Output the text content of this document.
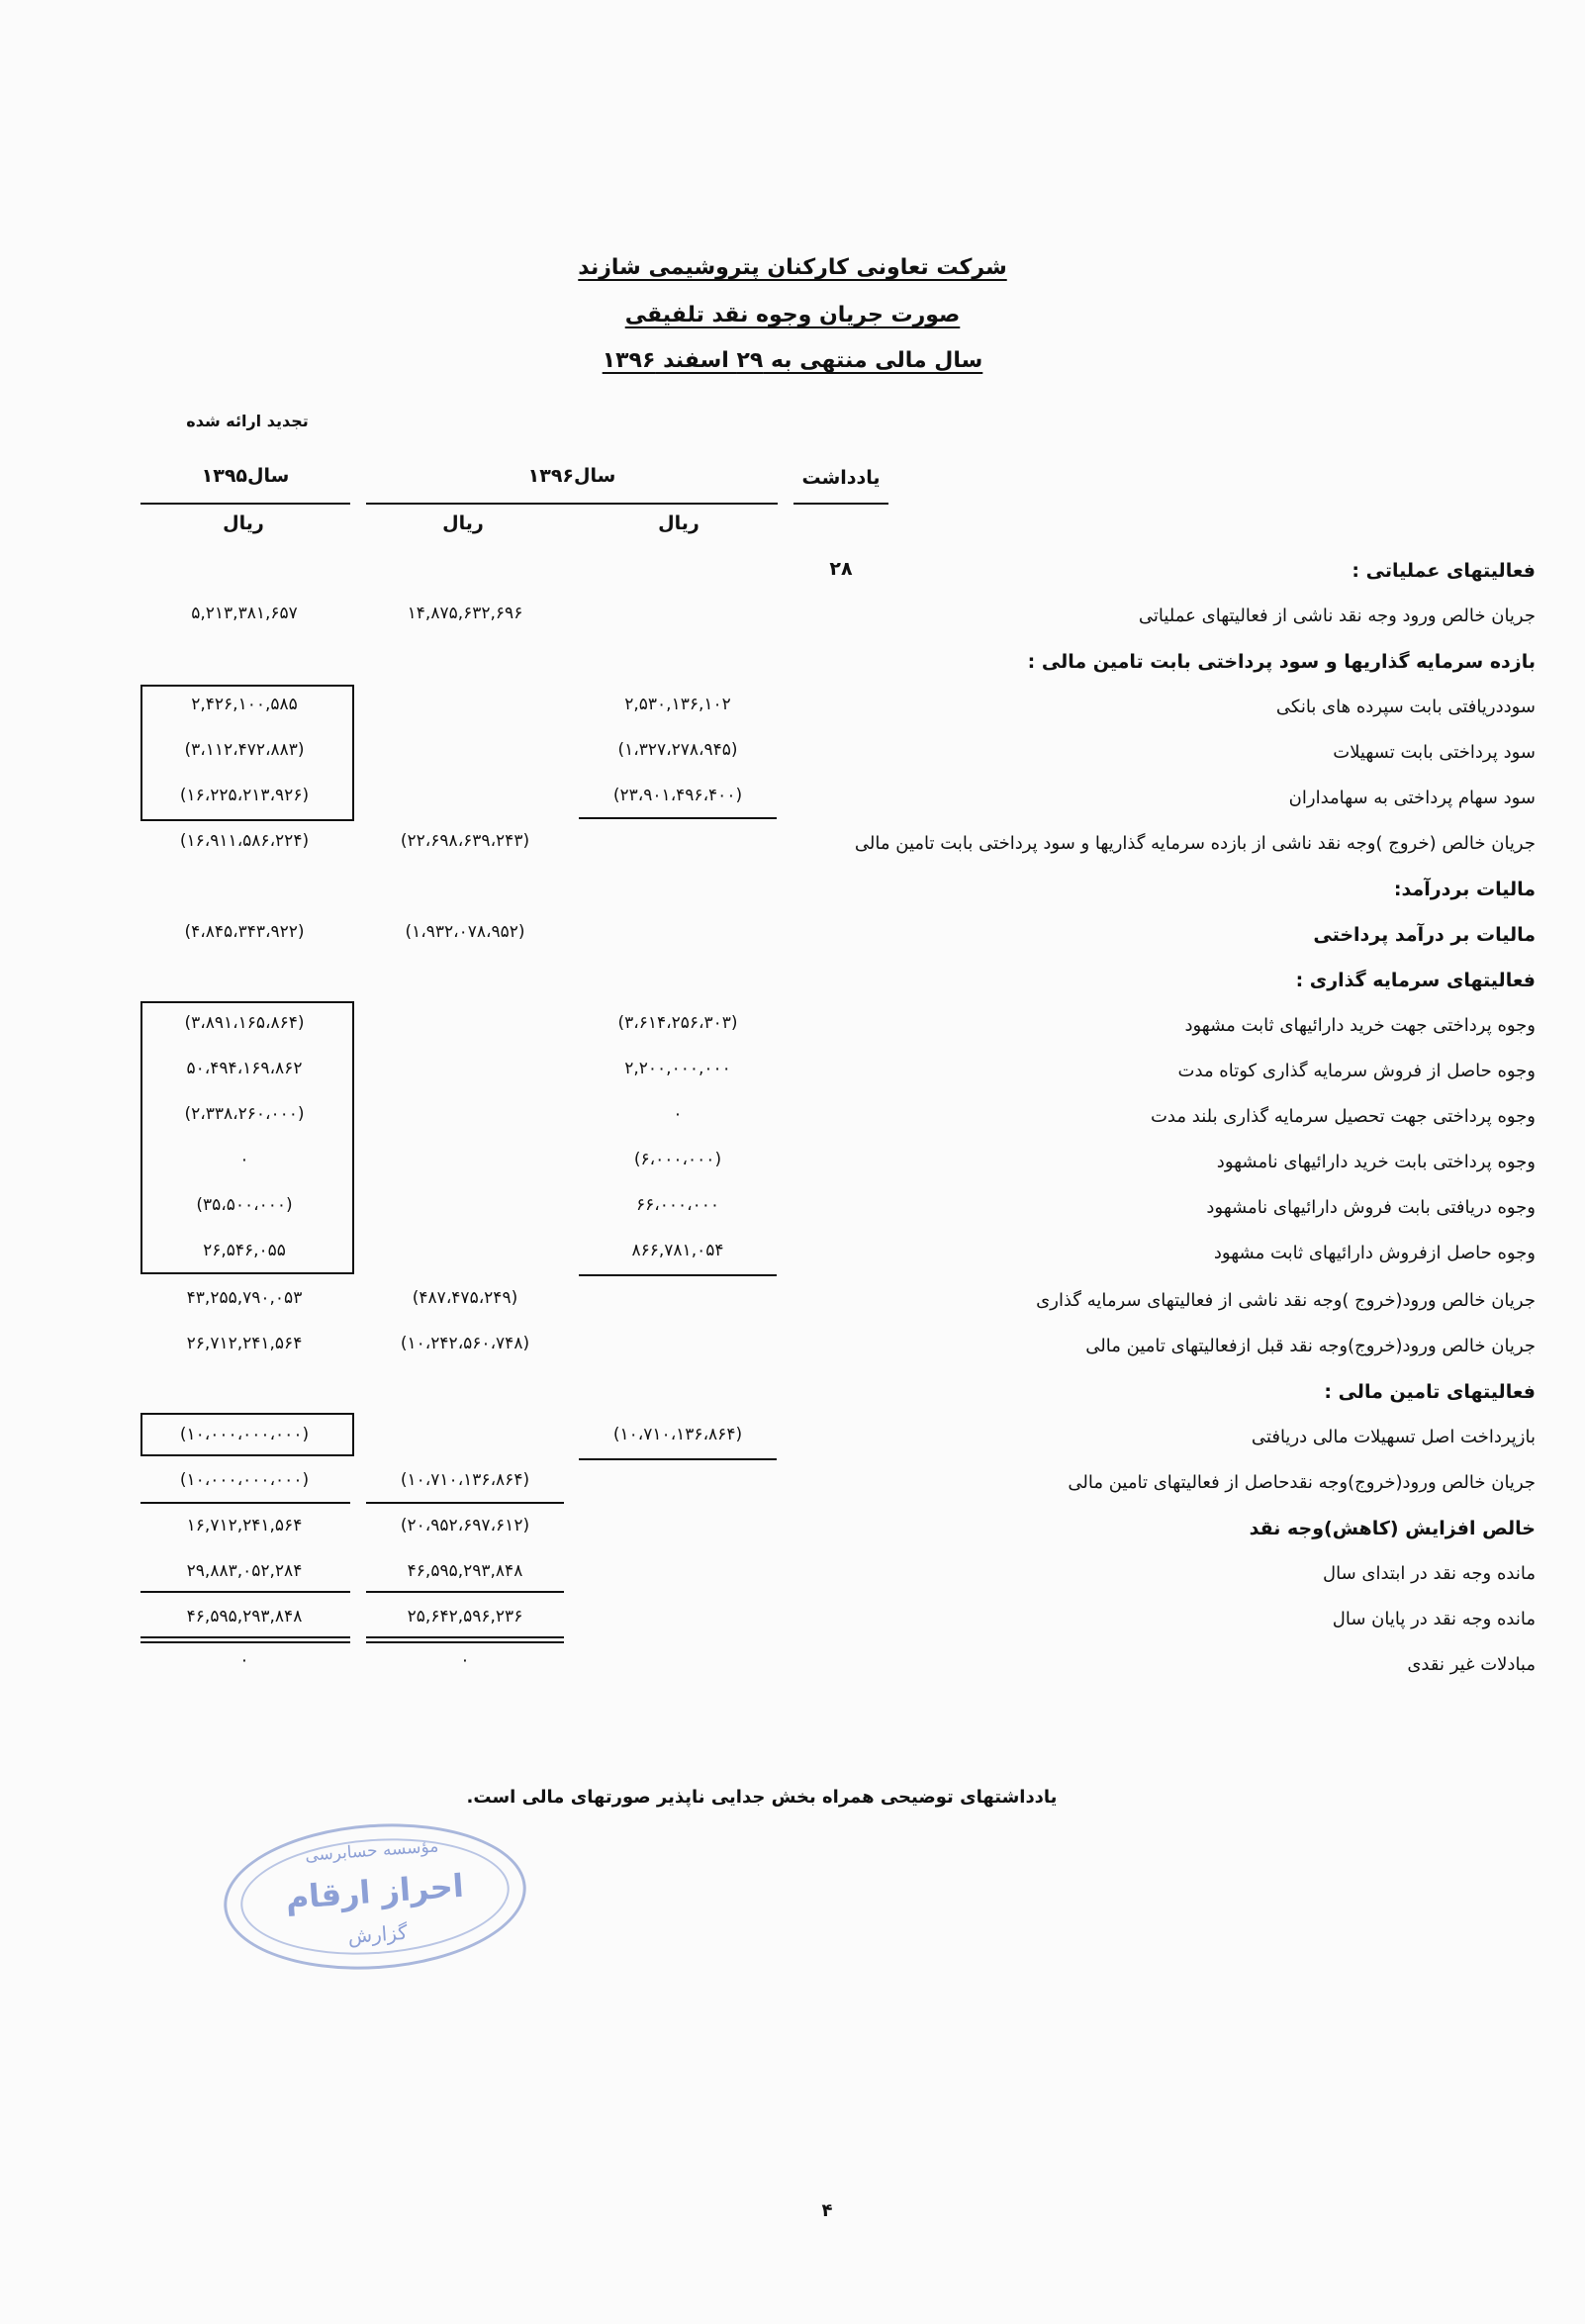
شرکت تعاونی کارکنان پتروشیمی شازند
صورت جریان وجوه نقد تلفیقی
سال مالی منتهی به ۲۹ اسفند ۱۳۹۶
تجدید ارائه شده
یادداشت
سال۱۳۹۶
سال۱۳۹۵
ریال
ریال
ریال
فعالیتهای عملیاتی :
۲۸
جریان خالص ورود وجه نقد ناشی از فعالیتهای عملیاتی
۱۴,۸۷۵,۶۳۲,۶۹۶
۵,۲۱۳,۳۸۱,۶۵۷
بازده سرمایه گذاریها و سود پرداختی بابت تامین مالی :
سوددریافتی بابت سپرده های بانکی
۲,۵۳۰,۱۳۶,۱۰۲
۲,۴۲۶,۱۰۰,۵۸۵
سود پرداختی بابت تسهیلات
(۱،۳۲۷،۲۷۸،۹۴۵)
(۳،۱۱۲،۴۷۲،۸۸۳)
سود سهام پرداختی به سهامداران
(۲۳،۹۰۱،۴۹۶،۴۰۰)
(۱۶،۲۲۵،۲۱۳،۹۲۶)
جریان خالص (خروج )وجه نقد ناشی از بازده سرمایه گذاریها و سود پرداختی بابت تامین مالی
(۲۲،۶۹۸،۶۳۹،۲۴۳)
(۱۶،۹۱۱،۵۸۶،۲۲۴)
مالیات بردرآمد:
مالیات بر درآمد پرداختی
(۱،۹۳۲،۰۷۸،۹۵۲)
(۴،۸۴۵،۳۴۳،۹۲۲)
فعالیتهای سرمایه گذاری :
وجوه پرداختی جهت خرید دارائیهای ثابت مشهود
(۳،۶۱۴،۲۵۶،۳۰۳)
(۳،۸۹۱،۱۶۵،۸۶۴)
وجوه حاصل از فروش سرمایه گذاری کوتاه مدت
۲,۲۰۰,۰۰۰,۰۰۰
۵۰،۴۹۴،۱۶۹،۸۶۲
وجوه پرداختی جهت تحصیل سرمایه گذاری بلند مدت
۰
(۲،۳۳۸،۲۶۰،۰۰۰)
وجوه پرداختی بابت خرید دارائیهای نامشهود
(۶،۰۰۰،۰۰۰)
۰
وجوه دریافتی بابت فروش دارائیهای نامشهود
۶۶،۰۰۰،۰۰۰
(۳۵،۵۰۰،۰۰۰)
وجوه حاصل ازفروش دارائیهای ثابت مشهود
۸۶۶,۷۸۱,۰۵۴
۲۶,۵۴۶,۰۵۵
جریان خالص ورود(خروج )وجه نقد ناشی از فعالیتهای سرمایه گذاری
(۴۸۷،۴۷۵،۲۴۹)
۴۳,۲۵۵,۷۹۰,۰۵۳
جریان خالص ورود(خروج)وجه نقد قبل ازفعالیتهای تامین مالی
(۱۰،۲۴۲،۵۶۰،۷۴۸)
۲۶,۷۱۲,۲۴۱,۵۶۴
فعالیتهای تامین مالی :
بازپرداخت اصل تسهیلات مالی دریافتی
(۱۰،۷۱۰،۱۳۶،۸۶۴)
(۱۰،۰۰۰،۰۰۰،۰۰۰)
جریان خالص ورود(خروج)وجه نقدحاصل از فعالیتهای تامین مالی
(۱۰،۷۱۰،۱۳۶،۸۶۴)
(۱۰،۰۰۰،۰۰۰،۰۰۰)
خالص افزایش (کاهش)وجه نقد
(۲۰،۹۵۲،۶۹۷،۶۱۲)
۱۶,۷۱۲,۲۴۱,۵۶۴
مانده وجه نقد در ابتدای سال
۴۶,۵۹۵,۲۹۳,۸۴۸
۲۹,۸۸۳,۰۵۲,۲۸۴
مانده وجه نقد در پایان سال
۲۵,۶۴۲,۵۹۶,۲۳۶
۴۶,۵۹۵,۲۹۳,۸۴۸
مبادلات غیر نقدی
۰
۰
یادداشتهای توضیحی همراه بخش جدایی ناپذیر صورتهای مالی است.
مؤسسه حسابرسی
احراز ارقام
گزارش
۴
